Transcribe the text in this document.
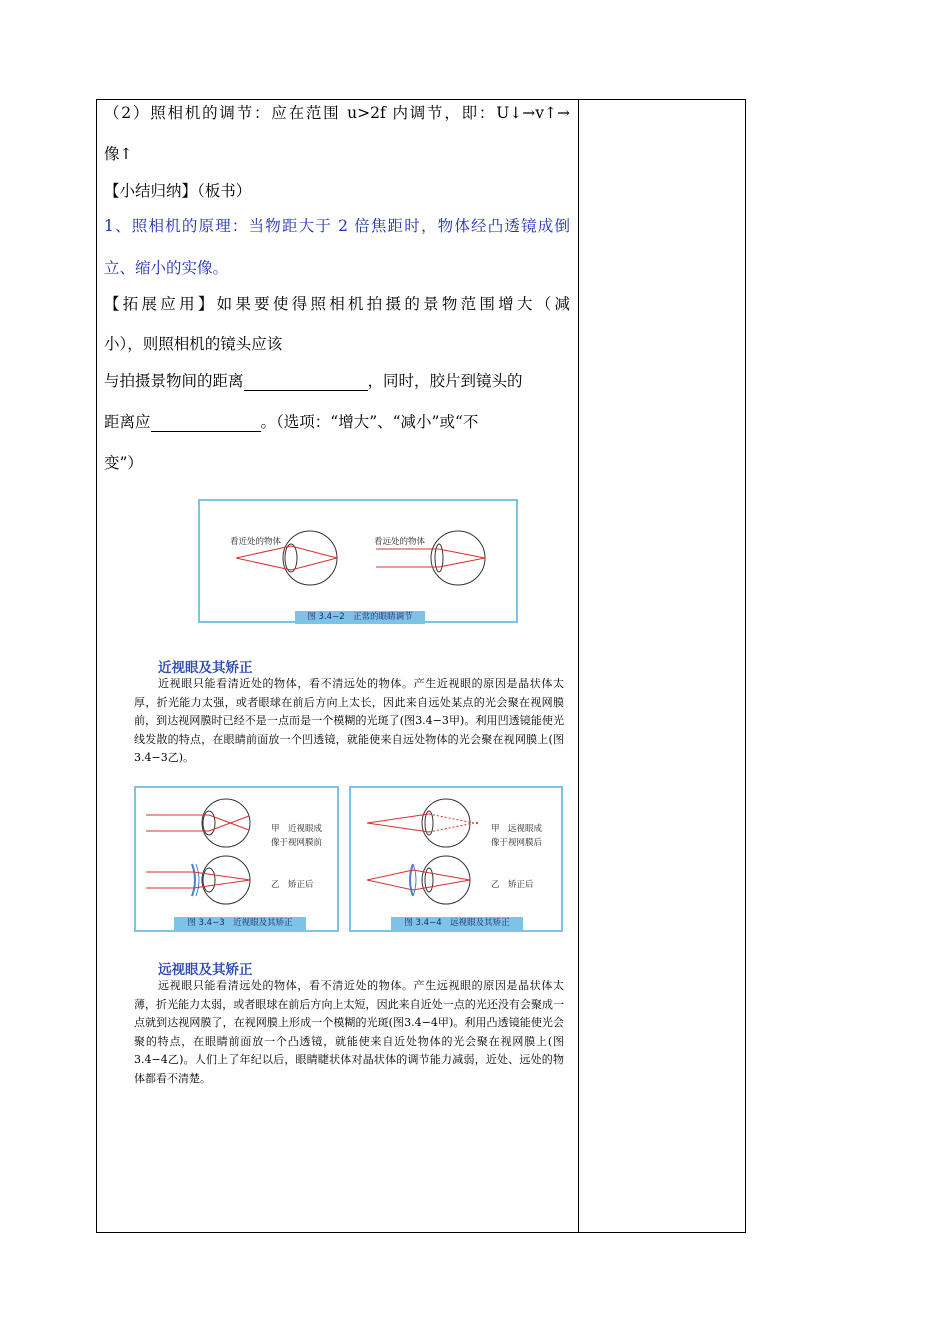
（2）照相机的调节：应在范围 u>2f 内调节，即：U↓→v↑→
像↑
【小结归纳】（板书）
1、照相机的原理：当物距大于 2 倍焦距时，物体经凸透镜成倒
立、缩小的实像。
【拓展应用】如果要使得照相机拍摄的景物范围增大（减
小），则照相机的镜头应该
与拍摄景物间的距离	，同时，胶片到镜头的
距离应	。（选项：“增大”、“减小”或“不
变”）
看近处的物体	看远处的物体
图 3.4−2　正常的眼睛调节
近视眼及其矫正
近视眼只能看清近处的物体，看不清远处的物体。产生近视眼的原因是晶状体太厚，折光能力太强，或者眼球在前后方向上太长，因此来自远处某点的光会聚在视网膜前，到达视网膜时已经不是一点而是一个模糊的光斑了(图3.4−3甲)。利用凹透镜能使光线发散的特点，在眼睛前面放一个凹透镜，就能使来自远处物体的光会聚在视网膜上(图3.4−3乙)。
甲　近视眼成
像于视网膜前
乙　矫正后
图 3.4−3　近视眼及其矫正
甲　远视眼成
像于视网膜后
乙　矫正后
图 3.4−4　远视眼及其矫正
远视眼及其矫正
远视眼只能看清远处的物体，看不清近处的物体。产生远视眼的原因是晶状体太薄，折光能力太弱，或者眼球在前后方向上太短，因此来自近处一点的光还没有会聚成一点就到达视网膜了，在视网膜上形成一个模糊的光斑(图3.4−4甲)。利用凸透镜能使光会聚的特点，在眼睛前面放一个凸透镜，就能使来自近处物体的光会聚在视网膜上(图3.4−4乙)。人们上了年纪以后，眼睛睫状体对晶状体的调节能力减弱，近处、远处的物体都看不清楚。
